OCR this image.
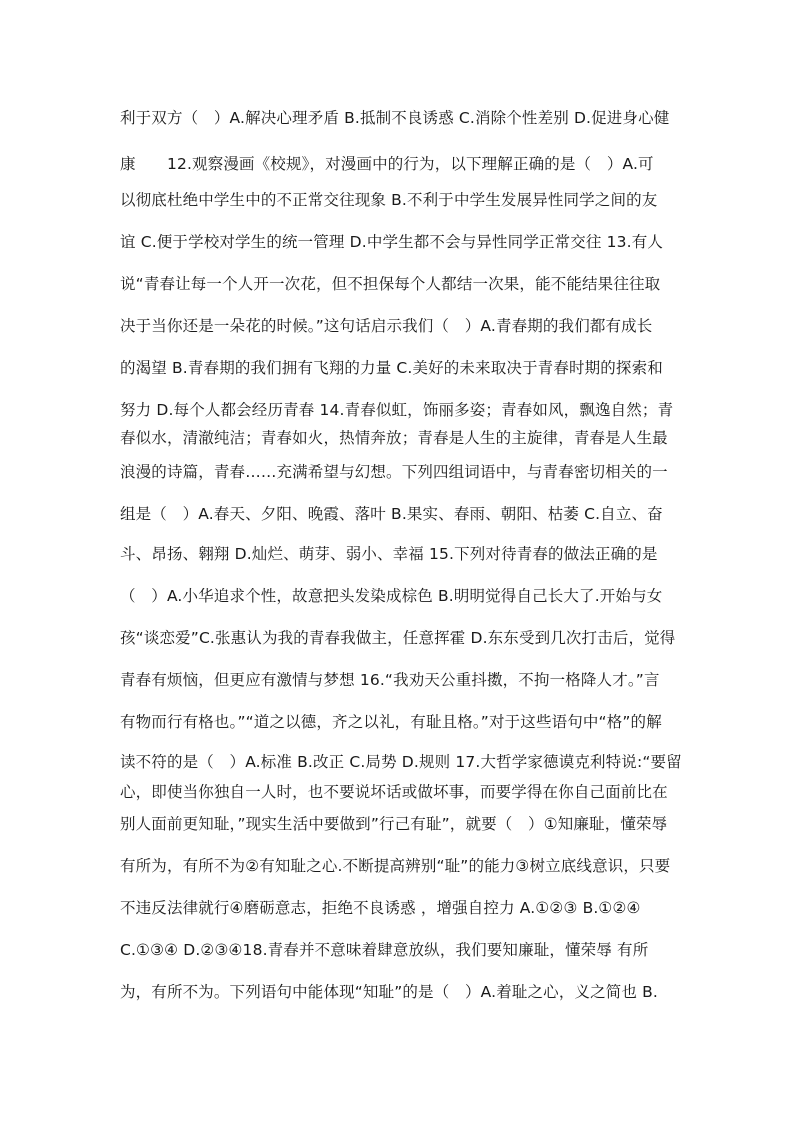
利于双方（　）A.解决心理矛盾 B.抵制不良诱惑 C.消除个性差别 D.促进身心健
康　　12.观察漫画《校规》，对漫画中的行为，以下理解正确的是（　）A.可
以彻底杜绝中学生中的不正常交往现象 B.不利于中学生发展异性同学之间的友
谊 C.便于学校对学生的统一管理 D.中学生都不会与异性同学正常交往 13.有人
说“青春让每一个人开一次花，但不担保每个人都结一次果，能不能结果往往取
决于当你还是一朵花的时候。”这句话启示我们（　）A.青春期的我们都有成长
的渴望 B.青春期的我们拥有飞翔的力量 C.美好的未来取决于青春时期的探索和
努力 D.每个人都会经历青春 14.青春似虹，饰丽多姿；青春如风，飘逸自然；青
春似水，清澈纯洁；青春如火，热情奔放；青春是人生的主旋律，青春是人生最
浪漫的诗篇，青春……充满希望与幻想。下列四组词语中，与青春密切相关的一
组是（　）A.春天、夕阳、晚霞、落叶 B.果实、春雨、朝阳、枯萎 C.自立、奋
斗、昂扬、翱翔 D.灿烂、萌芽、弱小、幸福 15.下列对待青春的做法正确的是
（　）A.小华追求个性，故意把头发染成棕色 B.明明觉得自己长大了.开始与女
孩“谈恋爱”C.张惠认为我的青春我做主，任意挥霍 D.东东受到几次打击后，觉得
青春有烦恼，但更应有激情与梦想 16.“我劝天公重抖擞，不拘一格降人才。”言
有物而行有格也。”“道之以德，齐之以礼，有耻且格。”对于这些语句中“格”的解
读不符的是（　）A.标准 B.改正 C.局势 D.规则 17.大哲学家德谟克利特说:“要留
心，即使当你独自一人时，也不要说坏话或做坏事，而要学得在你自己面前比在
别人面前更知耻，”现实生活中要做到”行己有耻”，就要（　）①知廉耻，懂荣辱
有所为，有所不为②有知耻之心.不断提高辨别“耻”的能力③树立底线意识，只要
不违反法律就行④磨砺意志，拒绝不良诱惑 ，增强自控力 A.①②③ B.①②④
C.①③④ D.②③④18.青春并不意味着肆意放纵，我们要知廉耻，懂荣辱 有所
为，有所不为。下列语句中能体现“知耻”的是（　）A.着耻之心，义之简也 B.
